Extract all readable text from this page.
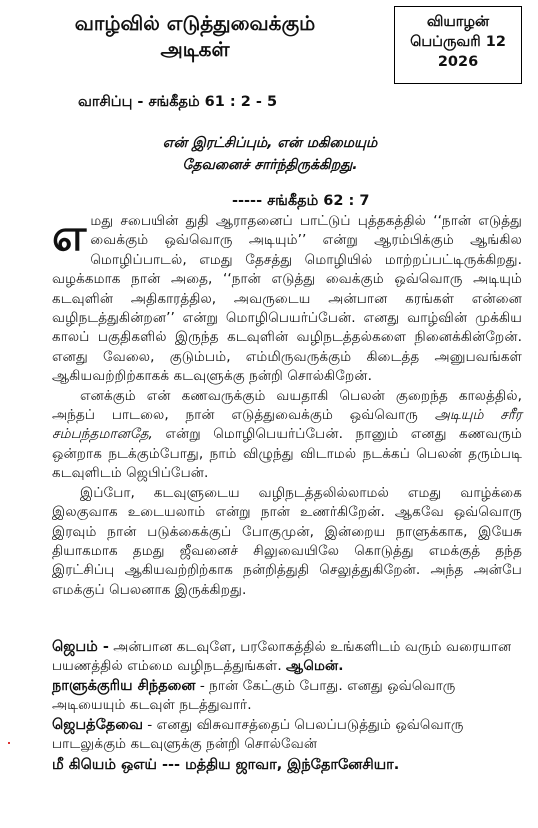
வாழ்வில் எடுத்துவைக்கும்
அடிகள்
வியாழன்
பெப்ருவரி 12
2026
வாசிப்பு - சங்கீதம் 61 : 2 - 5
என் இரட்சிப்பும், என் மகிமையும்
தேவனைச் சார்ந்திருக்கிறது.
----- சங்கீதம் 62 : 7

எமது சபையின் துதி ஆராதனைப் பாட்டுப் புத்தகத்தில் ‘‘நான் எடுத்து வைக்கும் ஒவ்வொரு அடியும்’’ என்று ஆரம்பிக்கும் ஆங்கில மொழிப்பாடல், எமது தேசத்து மொழியில் மாற்றப்பட்டிருக்கிறது. வழக்கமாக நான் அதை, ‘‘நான் எடுத்து வைக்கும் ஒவ்வொரு அடியும் கடவுளின் அதிகாரத்தில, அவருடைய அன்பான கரங்கள் என்னை வழிநடத்துகின்றன’’ என்று மொழிபெயர்ப்பேன். எனது வாழ்வின் முக்கிய காலப் பகுதிகளில் இருந்த கடவுளின் வழிநடத்தல்களை நினைக்கின்றேன். எனது வேலை, குடும்பம், எம்மிருவருக்கும் கிடைத்த அனுபவங்கள் ஆகியவற்றிற்காகக் கடவுளுக்கு நன்றி சொல்கிறேன்.

எனக்கும் என் கணவருக்கும் வயதாகி பெலன் குறைந்த காலத்தில், அந்தப் பாடலை, நான் எடுத்துவைக்கும் ஒவ்வொரு அடியும் சரீர சம்பந்தமானதே, என்று மொழிபெயர்ப்பேன். நானும் எனது கணவரும் ஒன்றாக நடக்கும்போது, நாம் விழுந்து விடாமல் நடக்கப் பெலன் தரும்படி கடவுளிடம் ஜெபிப்பேன்.

இப்போ, கடவுளுடைய வழிநடத்தலில்லாமல் எமது வாழ்க்கை இலகுவாக உடையலாம் என்று நான் உணர்கிறேன். ஆகவே ஒவ்வொரு இரவும் நான் படுக்கைக்குப் போகுமுன், இன்றைய நாளுக்காக, இயேசு தியாகமாக தமது ஜீவனைச் சிலுவையிலே கொடுத்து எமக்குத் தந்த இரட்சிப்பு ஆகியவற்றிற்காக நன்றித்துதி செலுத்துகிறேன். அந்த அன்பே எமக்குப் பெலனாக இருக்கிறது.

ஜெபம் - அன்பான கடவுளே, பரலோகத்தில் உங்களிடம் வரும் வரையான பயணத்தில் எம்மை வழிநடத்துங்கள். ஆமென்.

நாளுக்குரிய சிந்தனை - நான் கேட்கும் போது. எனது ஒவ்வொரு அடியையும் கடவுள் நடத்துவார்.

ஜெபத்தேவை - எனது விசுவாசத்தைப் பெலப்படுத்தும் ஒவ்வொரு பாடலுக்கும் கடவுளுக்கு நன்றி சொல்வேன்

மீ கியெம் ஒஎய் --- மத்திய ஜாவா, இந்தோனேசியா.
